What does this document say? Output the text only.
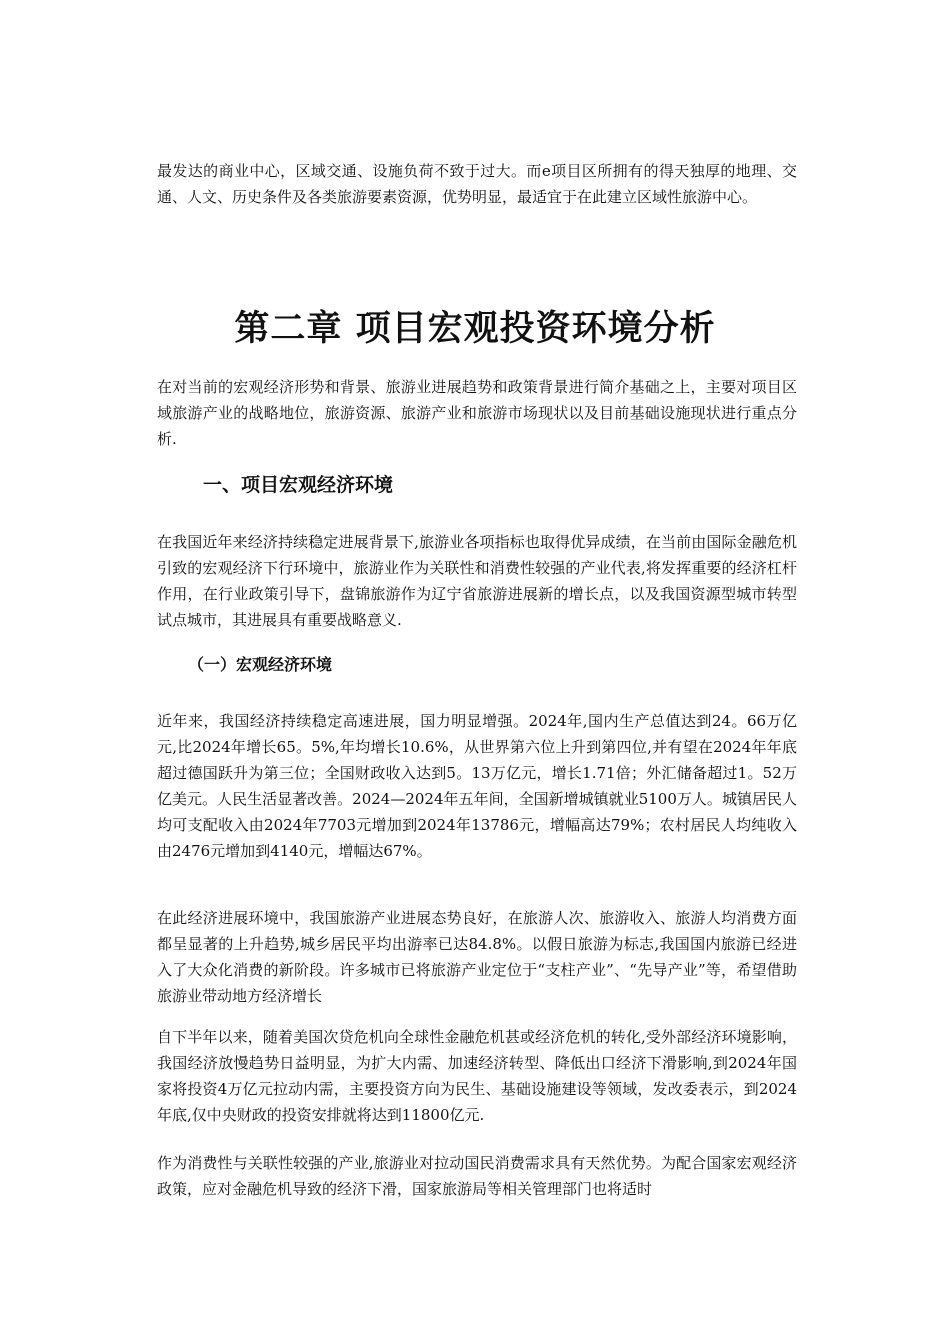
最发达的商业中心，区域交通、设施负荷不致于过大。而e项目区所拥有的得天独厚的地理、交通、人文、历史条件及各类旅游要素资源，优势明显，最适宜于在此建立区域性旅游中心。

第二章 项目宏观投资环境分析

在对当前的宏观经济形势和背景、旅游业进展趋势和政策背景进行简介基础之上，主要对项目区域旅游产业的战略地位，旅游资源、旅游产业和旅游市场现状以及目前基础设施现状进行重点分析.

一、项目宏观经济环境

在我国近年来经济持续稳定进展背景下,旅游业各项指标也取得优异成绩，在当前由国际金融危机引致的宏观经济下行环境中，旅游业作为关联性和消费性较强的产业代表,将发挥重要的经济杠杆作用，在行业政策引导下，盘锦旅游作为辽宁省旅游进展新的增长点，以及我国资源型城市转型试点城市，其进展具有重要战略意义.

（一）宏观经济环境

近年来，我国经济持续稳定高速进展，国力明显增强。2024年,国内生产总值达到24。66万亿元,比2024年增长65。5%,年均增长10.6%，从世界第六位上升到第四位,并有望在2024年年底超过德国跃升为第三位；全国财政收入达到5。13万亿元，增长1.71倍；外汇储备超过1。52万亿美元。人民生活显著改善。2024—2024年五年间，全国新增城镇就业5100万人。城镇居民人均可支配收入由2024年7703元增加到2024年13786元，增幅高达79%；农村居民人均纯收入由2476元增加到4140元，增幅达67%。

在此经济进展环境中，我国旅游产业进展态势良好，在旅游人次、旅游收入、旅游人均消费方面都呈显著的上升趋势,城乡居民平均出游率已达84.8%。以假日旅游为标志,我国国内旅游已经进入了大众化消费的新阶段。许多城市已将旅游产业定位于“支柱产业”、“先导产业”等，希望借助旅游业带动地方经济增长

自下半年以来，随着美国次贷危机向全球性金融危机甚或经济危机的转化,受外部经济环境影响，我国经济放慢趋势日益明显，为扩大内需、加速经济转型、降低出口经济下滑影响,到2024年国家将投资4万亿元拉动内需，主要投资方向为民生、基础设施建设等领域，发改委表示，到2024年底,仅中央财政的投资安排就将达到11800亿元.

作为消费性与关联性较强的产业,旅游业对拉动国民消费需求具有天然优势。为配合国家宏观经济政策，应对金融危机导致的经济下滑，国家旅游局等相关管理部门也将适时
